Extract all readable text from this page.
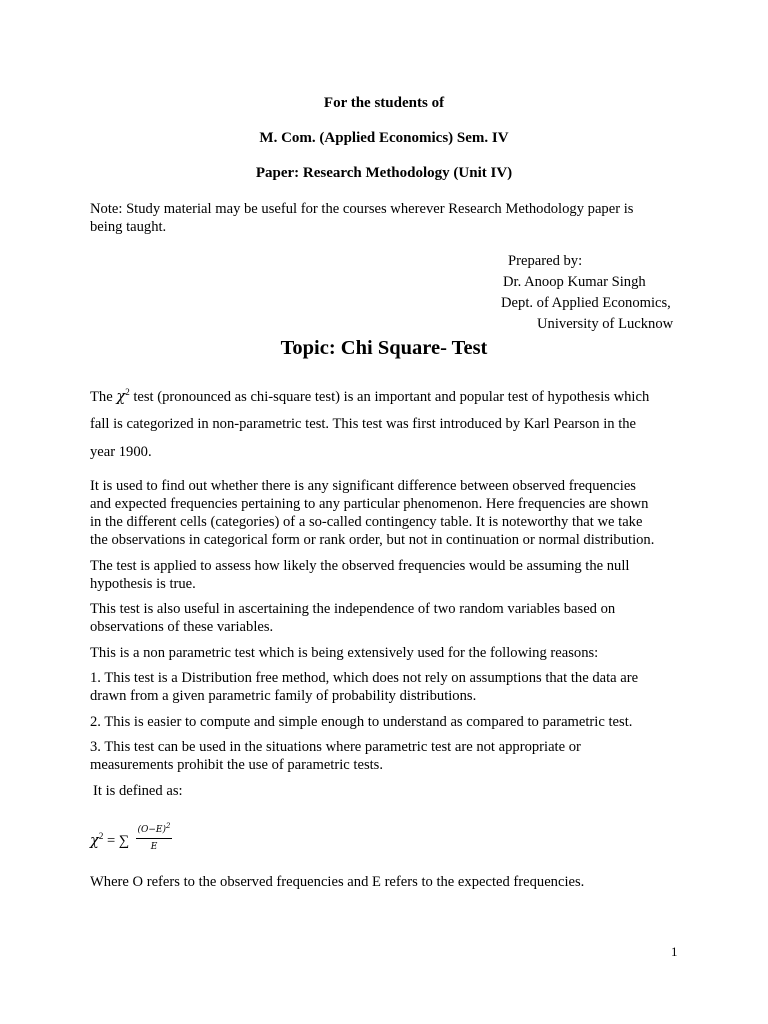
For the students of
M. Com. (Applied Economics) Sem. IV
Paper: Research Methodology (Unit IV)
Note: Study material may be useful for the courses wherever Research Methodology paper is
being taught.
Prepared by:
Dr. Anoop Kumar Singh
Dept. of Applied Economics,
University of Lucknow
Topic: Chi Square- Test
The $\chi^2$ test (pronounced as chi-square test) is an important and popular test of hypothesis which
fall is categorized in non-parametric test. This test was first introduced by Karl Pearson in the
year 1900.
It is used to find out whether there is any significant difference between observed frequencies
and expected frequencies pertaining to any particular phenomenon. Here frequencies are shown
in the different cells (categories) of a so-called contingency table. It is noteworthy that we take
the observations in categorical form or rank order, but not in continuation or normal distribution.
The test is applied to assess how likely the observed frequencies would be assuming the null
hypothesis is true.
This test is also useful in ascertaining the independence of two random variables based on
observations of these variables.
This is a non parametric test which is being extensively used for the following reasons:
1. This test is a Distribution free method, which does not rely on assumptions that the data are
drawn from a given parametric family of probability distributions.
2. This is easier to compute and simple enough to understand as compared to parametric test.
3. This test can be used in the situations where parametric test are not appropriate or
measurements prohibit the use of parametric tests.
It is defined as:
$\chi^2$ = ∑
$(O-E)^2$
E
Where O refers to the observed frequencies and E refers to the expected frequencies.
1
